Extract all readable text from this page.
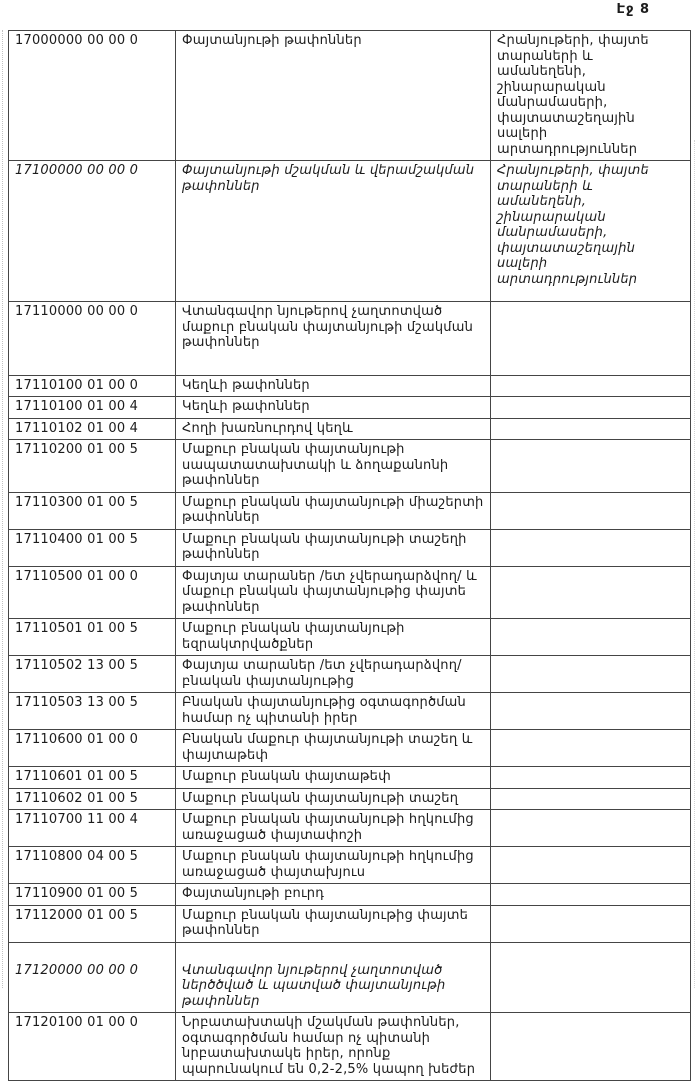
Էջ 8
17000000 00 00 0	Փայտանյութի թափոններ	Հրանյութերի, փայտե տարաների և ամանեղենի, շինարարական մանրամասերի, փայտատաշեղային սալերի արտադրություններ
17100000 00 00 0	Փայտանյութի մշակման և վերամշակման թափոններ	Հրանյութերի, փայտե տարաների և ամանեղենի, շինարարական մանրամասերի, փայտատաշեղային սալերի արտադրություններ
17110000 00 00 0	Վտանգավոր նյութերով չաղտոտված մաքուր բնական փայտանյութի մշակման թափոններ	
17110100 01 00 0	Կեղևի թափոններ	
17110100 01 00 4	Կեղևի թափոններ	
17110102 01 00 4	Հողի խառնուրդով կեղև	
17110200 01 00 5	Մաքուր բնական փայտանյութի սապատատախտակի և ձողաքանոնի թափոններ	
17110300 01 00 5	Մաքուր բնական փայտանյութի միաշերտի թափոններ	
17110400 01 00 5	Մաքուր բնական փայտանյութի տաշեղի թափոններ	
17110500 01 00 0	Փայտյա տարաներ /ետ չվերադարձվող/ և մաքուր բնական փայտանյութից փայտե թափոններ	
17110501 01 00 5	Մաքուր բնական փայտանյութի եզրակտրվածքներ	
17110502 13 00 5	Փայտյա տարաներ /ետ չվերադարձվող/ բնական փայտանյութից	
17110503 13 00 5	Բնական փայտանյութից օգտագործման համար ոչ պիտանի իրեր	
17110600 01 00 0	Բնական մաքուր փայտանյութի տաշեղ և փայտաթեփ	
17110601 01 00 5	Մաքուր բնական փայտաթեփ	
17110602 01 00 5	Մաքուր բնական փայտանյութի տաշեղ	
17110700 11 00 4	Մաքուր բնական փայտանյութի հղկումից առաջացած փայտափոշի	
17110800 04 00 5	Մաքուր բնական փայտանյութի հղկումից առաջացած փայտախյուս	
17110900 01 00 5	Փայտանյութի բուրդ	
17112000 01 00 5	Մաքուր բնական փայտանյութից փայտե թափոններ	
17120000 00 00 0	Վտանգավոր նյութերով չաղտոտված ներծծված և պատված փայտանյութի թափոններ	
17120100 01 00 0	Նրբատախտակի մշակման թափոններ, օգտագործման համար ոչ պիտանի նրբատախտակե իրեր, որոնք պարունակում են 0,2-2,5% կապող խեժեր	
